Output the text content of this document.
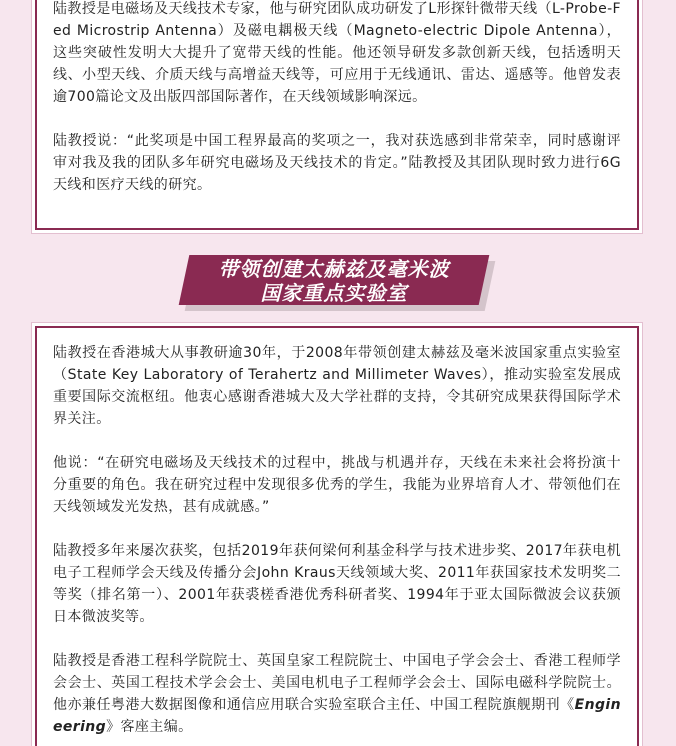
陆教授是电磁场及天线技术专家，他与研究团队成功研发了L形探针微带天线（L-Probe-Fed Microstrip Antenna）及磁电耦极天线（Magneto-electric Dipole Antenna），这些突破性发明大大提升了宽带天线的性能。他还领导研发多款创新天线，包括透明天线、小型天线、介质天线与高增益天线等，可应用于无线通讯、雷达、遥感等。他曾发表逾700篇论文及出版四部国际著作，在天线领域影响深远。

陆教授说：“此奖项是中国工程界最高的奖项之一，我对获选感到非常荣幸，同时感谢评审对我及我的团队多年研究电磁场及天线技术的肯定。”陆教授及其团队现时致力进行6G天线和医疗天线的研究。

带领创建太赫兹及毫米波
国家重点实验室

陆教授在香港城大从事教研逾30年，于2008年带领创建太赫兹及毫米波国家重点实验室（State Key Laboratory of Terahertz and Millimeter Waves），推动实验室发展成重要国际交流枢纽。他衷心感谢香港城大及大学社群的支持，令其研究成果获得国际学术界关注。

他说：“在研究电磁场及天线技术的过程中，挑战与机遇并存，天线在未来社会将扮演十分重要的角色。我在研究过程中发现很多优秀的学生，我能为业界培育人才、带领他们在天线领域发光发热，甚有成就感。”

陆教授多年来屡次获奖，包括2019年获何梁何利基金科学与技术进步奖、2017年获电机电子工程师学会天线及传播分会John Kraus天线领域大奖、2011年获国家技术发明奖二等奖（排名第一）、2001年获裘槎香港优秀科研者奖、1994年于亚太国际微波会议获颁日本微波奖等。

陆教授是香港工程科学院院士、英国皇家工程院院士、中国电子学会会士、香港工程师学会会士、英国工程技术学会会士、美国电机电子工程师学会会士、国际电磁科学院院士。他亦兼任粤港大数据图像和通信应用联合实验室联合主任、中国工程院旗舰期刊《Engineering》客座主编。
